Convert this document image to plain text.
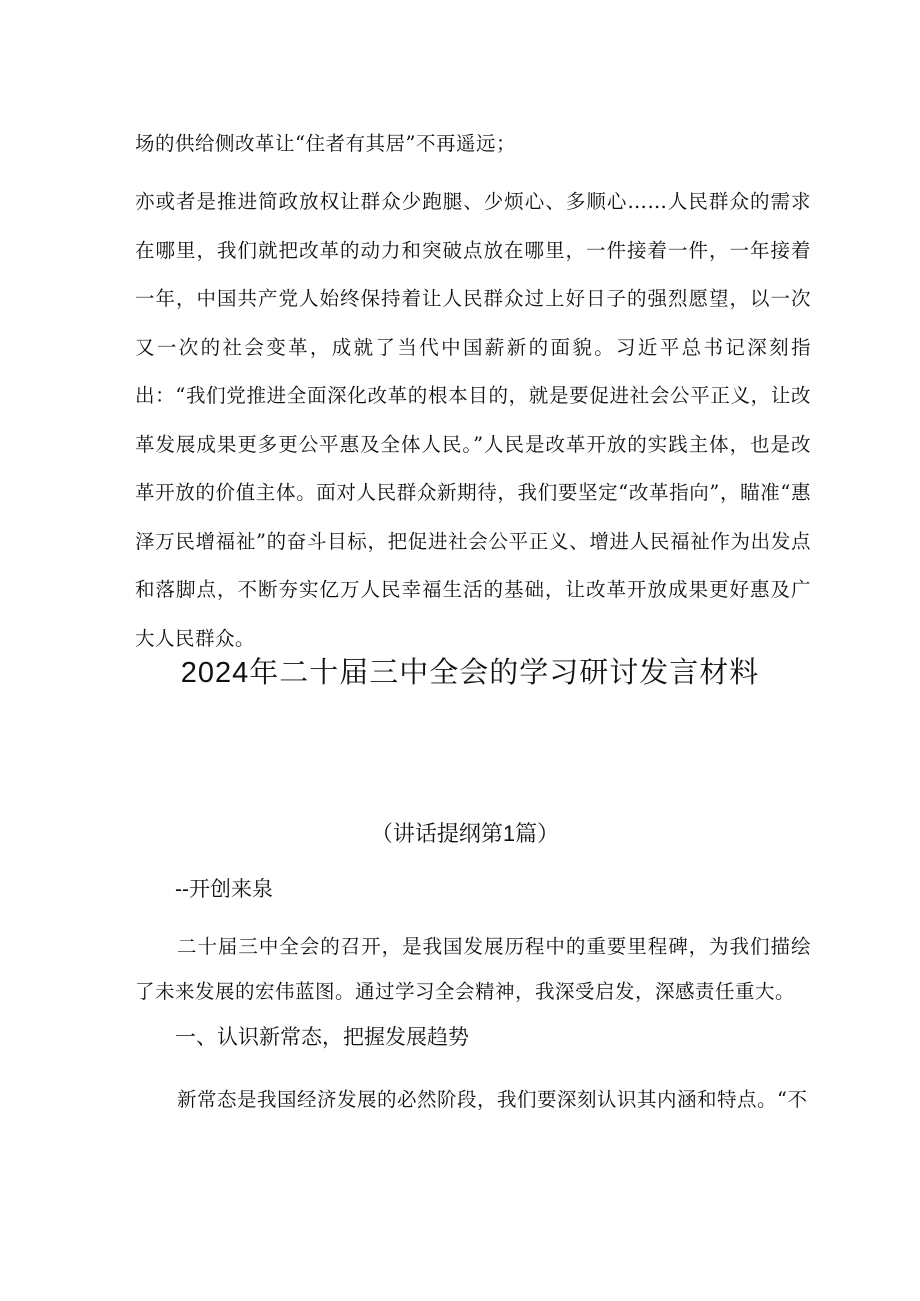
场的供给侧改革让“住者有其居”不再遥远；

亦或者是推进简政放权让群众少跑腿、少烦心、多顺心……人民群众的需求在哪里，我们就把改革的动力和突破点放在哪里，一件接着一件，一年接着一年，中国共产党人始终保持着让人民群众过上好日子的强烈愿望，以一次又一次的社会变革，成就了当代中国薪新的面貌。习近平总书记深刻指出：“我们党推进全面深化改革的根本目的，就是要促进社会公平正义，让改革发展成果更多更公平惠及全体人民。”人民是改革开放的实践主体，也是改革开放的价值主体。面对人民群众新期待，我们要坚定“改革指向”，瞄准“惠泽万民增福祉”的奋斗目标，把促进社会公平正义、增进人民福祉作为出发点和落脚点，不断夯实亿万人民幸福生活的基础，让改革开放成果更好惠及广大人民群众。

2024年二十届三中全会的学习研讨发言材料

（讲话提纲第1篇）

--开创来泉

二十届三中全会的召开，是我国发展历程中的重要里程碑，为我们描绘了未来发展的宏伟蓝图。通过学习全会精神，我深受启发，深感责任重大。

一、认识新常态，把握发展趋势

新常态是我国经济发展的必然阶段，我们要深刻认识其内涵和特点。“不
